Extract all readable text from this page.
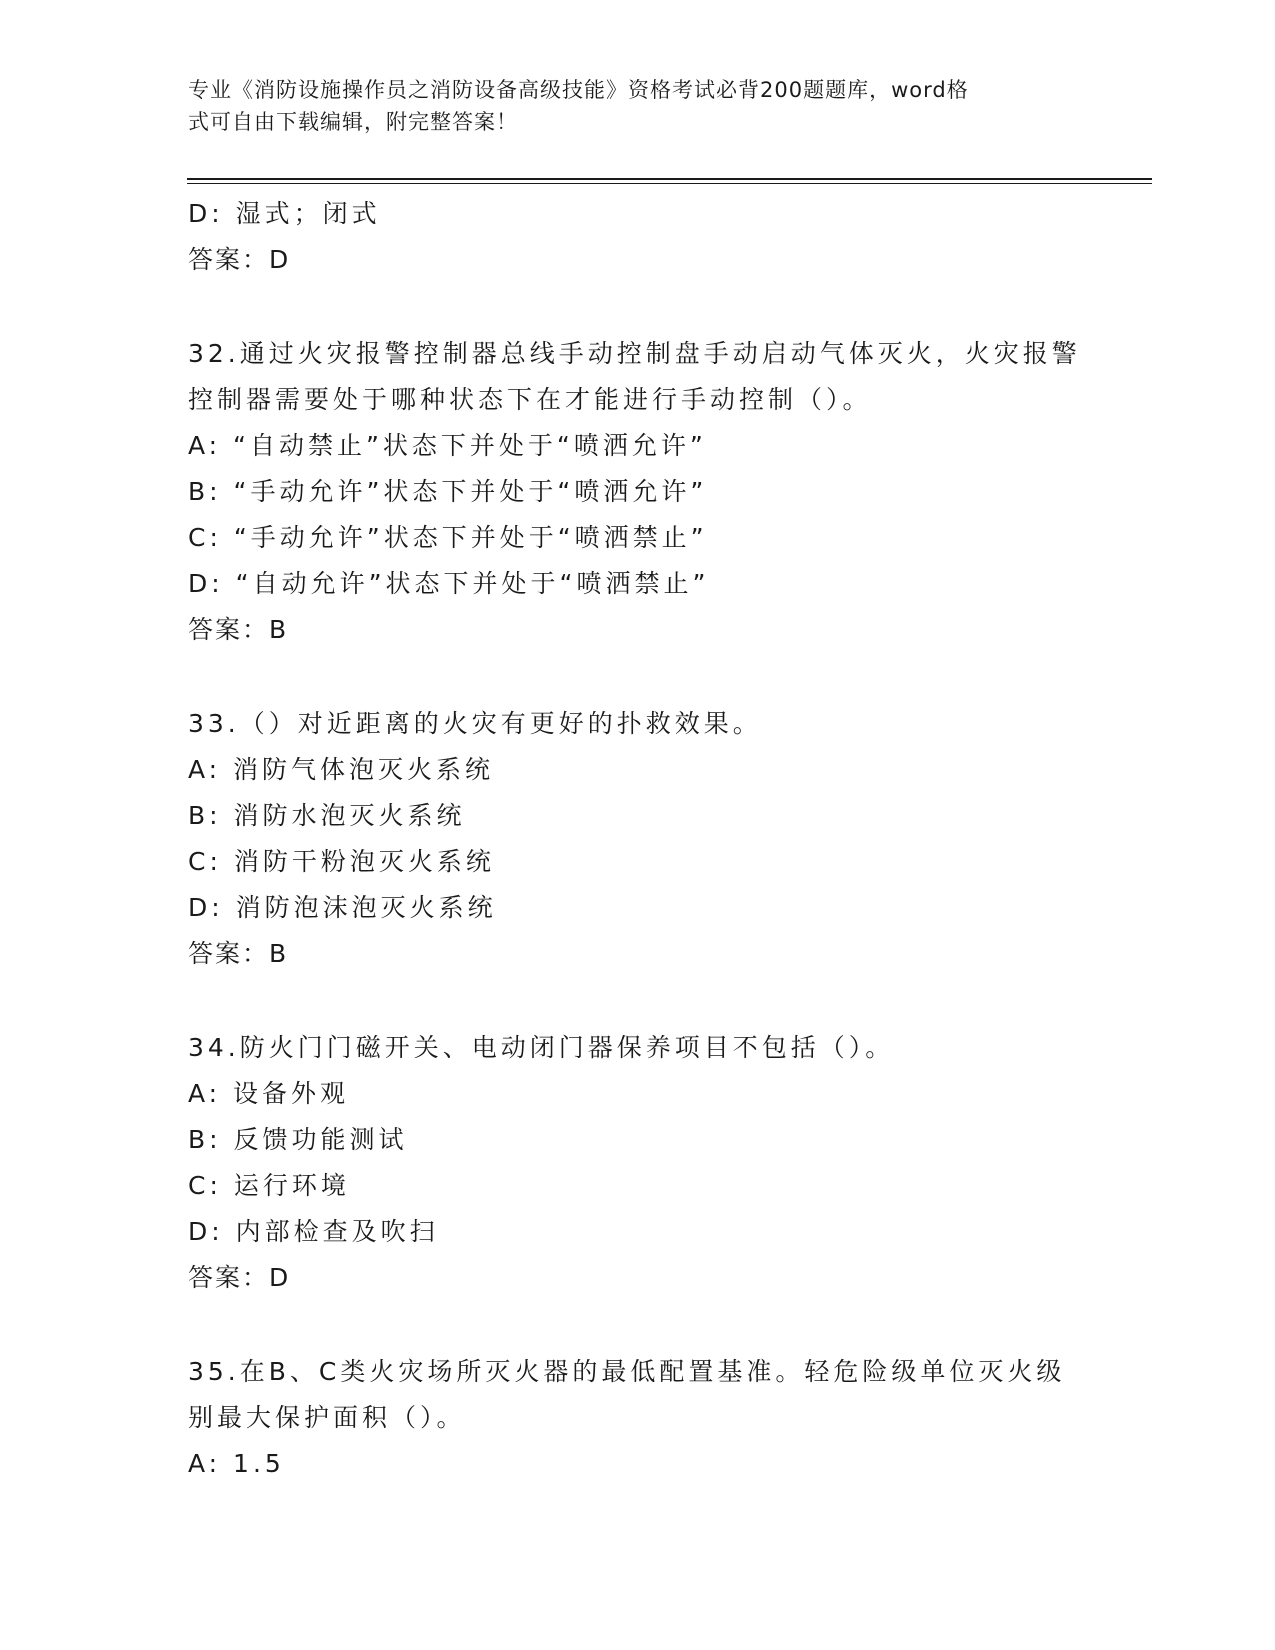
专业《消防设施操作员之消防设备高级技能》资格考试必背200题题库，word格
式可自由下载编辑，附完整答案！
D: 湿式；闭式
答案：D
32.通过火灾报警控制器总线手动控制盘手动启动气体灭火，火灾报警
控制器需要处于哪种状态下在才能进行手动控制（）。
A: “自动禁止”状态下并处于“喷洒允许”
B: “手动允许”状态下并处于“喷洒允许”
C: “手动允许”状态下并处于“喷洒禁止”
D: “自动允许”状态下并处于“喷洒禁止”
答案：B
33.（）对近距离的火灾有更好的扑救效果。
A: 消防气体泡灭火系统
B: 消防水泡灭火系统
C: 消防干粉泡灭火系统
D: 消防泡沫泡灭火系统
答案：B
34.防火门门磁开关、电动闭门器保养项目不包括（）。
A: 设备外观
B: 反馈功能测试
C: 运行环境
D: 内部检查及吹扫
答案：D
35.在B、C类火灾场所灭火器的最低配置基准。轻危险级单位灭火级
别最大保护面积（）。
A: 1.5
